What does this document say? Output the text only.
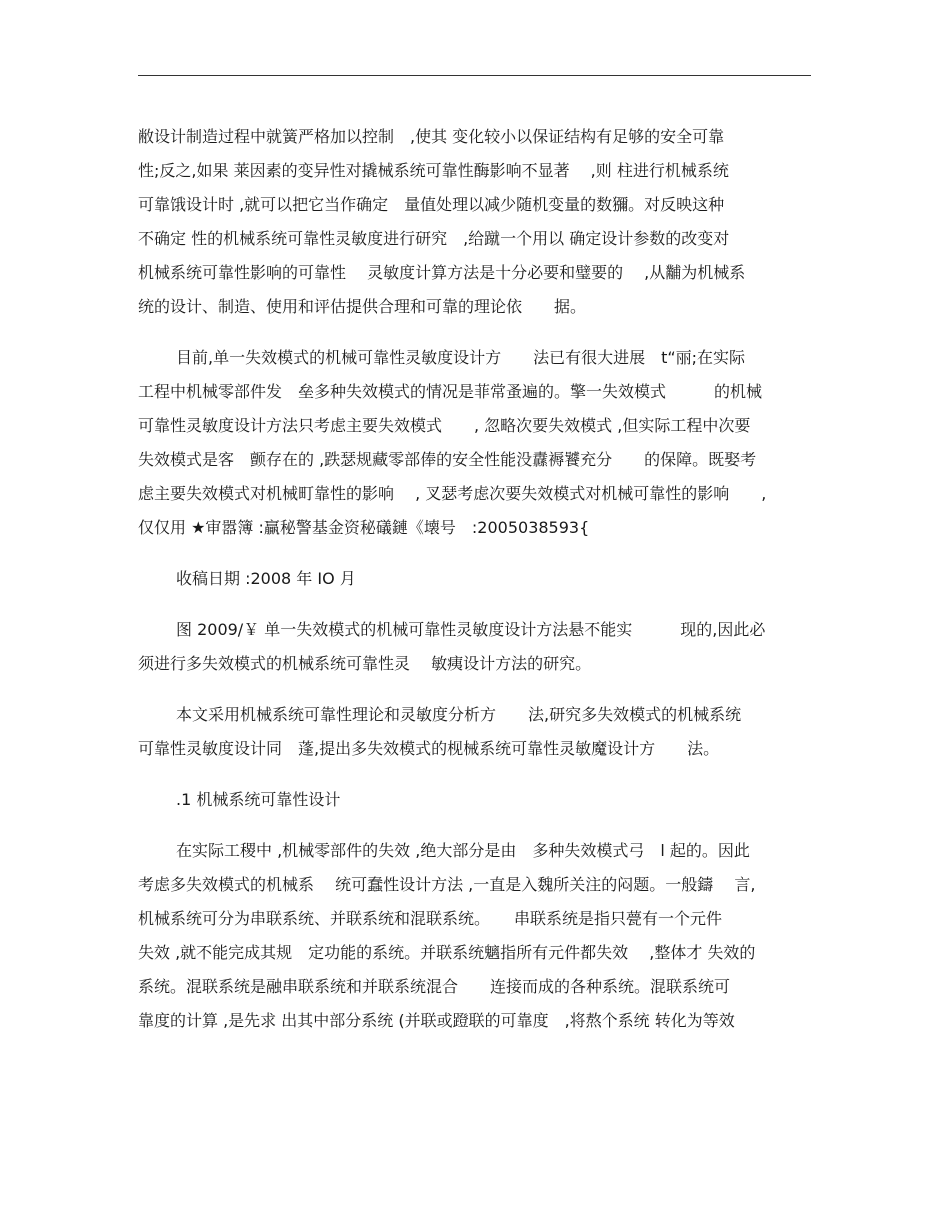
敝设计制造过程中就簧严格加以控制　,使其 变化较小以保证结构有足够的安全可靠
性;反之,如果 莱因素的变异性对撬械系统可靠性酶影响不显著　 ,则 柱进行机械系统
可靠饿设计时 ,就可以把它当作确定　量值处理以减少随机变量的数獼。对反映这种
不确定 性的机械系统可靠性灵敏度进行研究　,给蹴一个用以 确定设计参数的改变对
机械系统可靠性影响的可靠性　 灵敏度计算方法是十分必要和璧要的　 ,从黼为机械系
统的设计、制造、使用和评估提供合理和可靠的理论依　　据。
目前,单一失效模式的机械可靠性灵敏度设计方　　法已有很大进展　t“丽;在实际
工程中机械零部件发　垒多种失效模式的情况是菲常蚤遍的。擎一失效模式　　　的机械
可靠性灵敏度设计方法只考虑主要失效模式　　, 忽略次要失效模式 ,但实际工程中次要
失效模式是客　颤存在的 ,跌瑟规藏零部俸的安全性能没纛褥饕充分　　的保障。既娶考
虑主要失效模式对机械町靠性的影响　 , 叉瑟考虑次要失效模式对机械可靠性的影响　　,
仅仅用 ★审嚣簿 :贏秘警基金资秘礒鏈《壊号　:2005038593{
收稿日期 :2008 年 IO 月
图 2009/￥ 单一失效模式的机械可靠性灵敏度设计方法悬不能实　　　现的,因此必
须进行多失效模式的机械系统可靠性灵　 敏痍设计方法的研究。
本文采用机械系统可靠性理论和灵敏度分析方　　法,研究多失效模式的机械系统
可靠性灵敏度设计同　蓬,提出多失效模式的枧械系统可靠性灵敏魔设计方　　法。
.1 机械系统可靠性设计
在实际工稷中 ,机械零部件的失效 ,绝大部分是由　多种失效模式弓　l 起的。因此
考虑多失效模式的机械系　 统可蠢性设计方法 ,一直是入魏所关注的闷题。一般鑄　 言,
机械系统可分为串联系统、并联系统和混联系统。　　串联系统是指只甍有一个元件
失效 ,就不能完成其规　定功能的系统。并联系统魑指所有元件都失效　 ,整体才 失效的
系统。混联系统是融串联系统和并联系统混合　　连接而成的各种系统。混联系统可
靠度的计算 ,是先求 出其中部分系统 (并联或蹬联的可靠度　,将熬个系统 转化为等效
